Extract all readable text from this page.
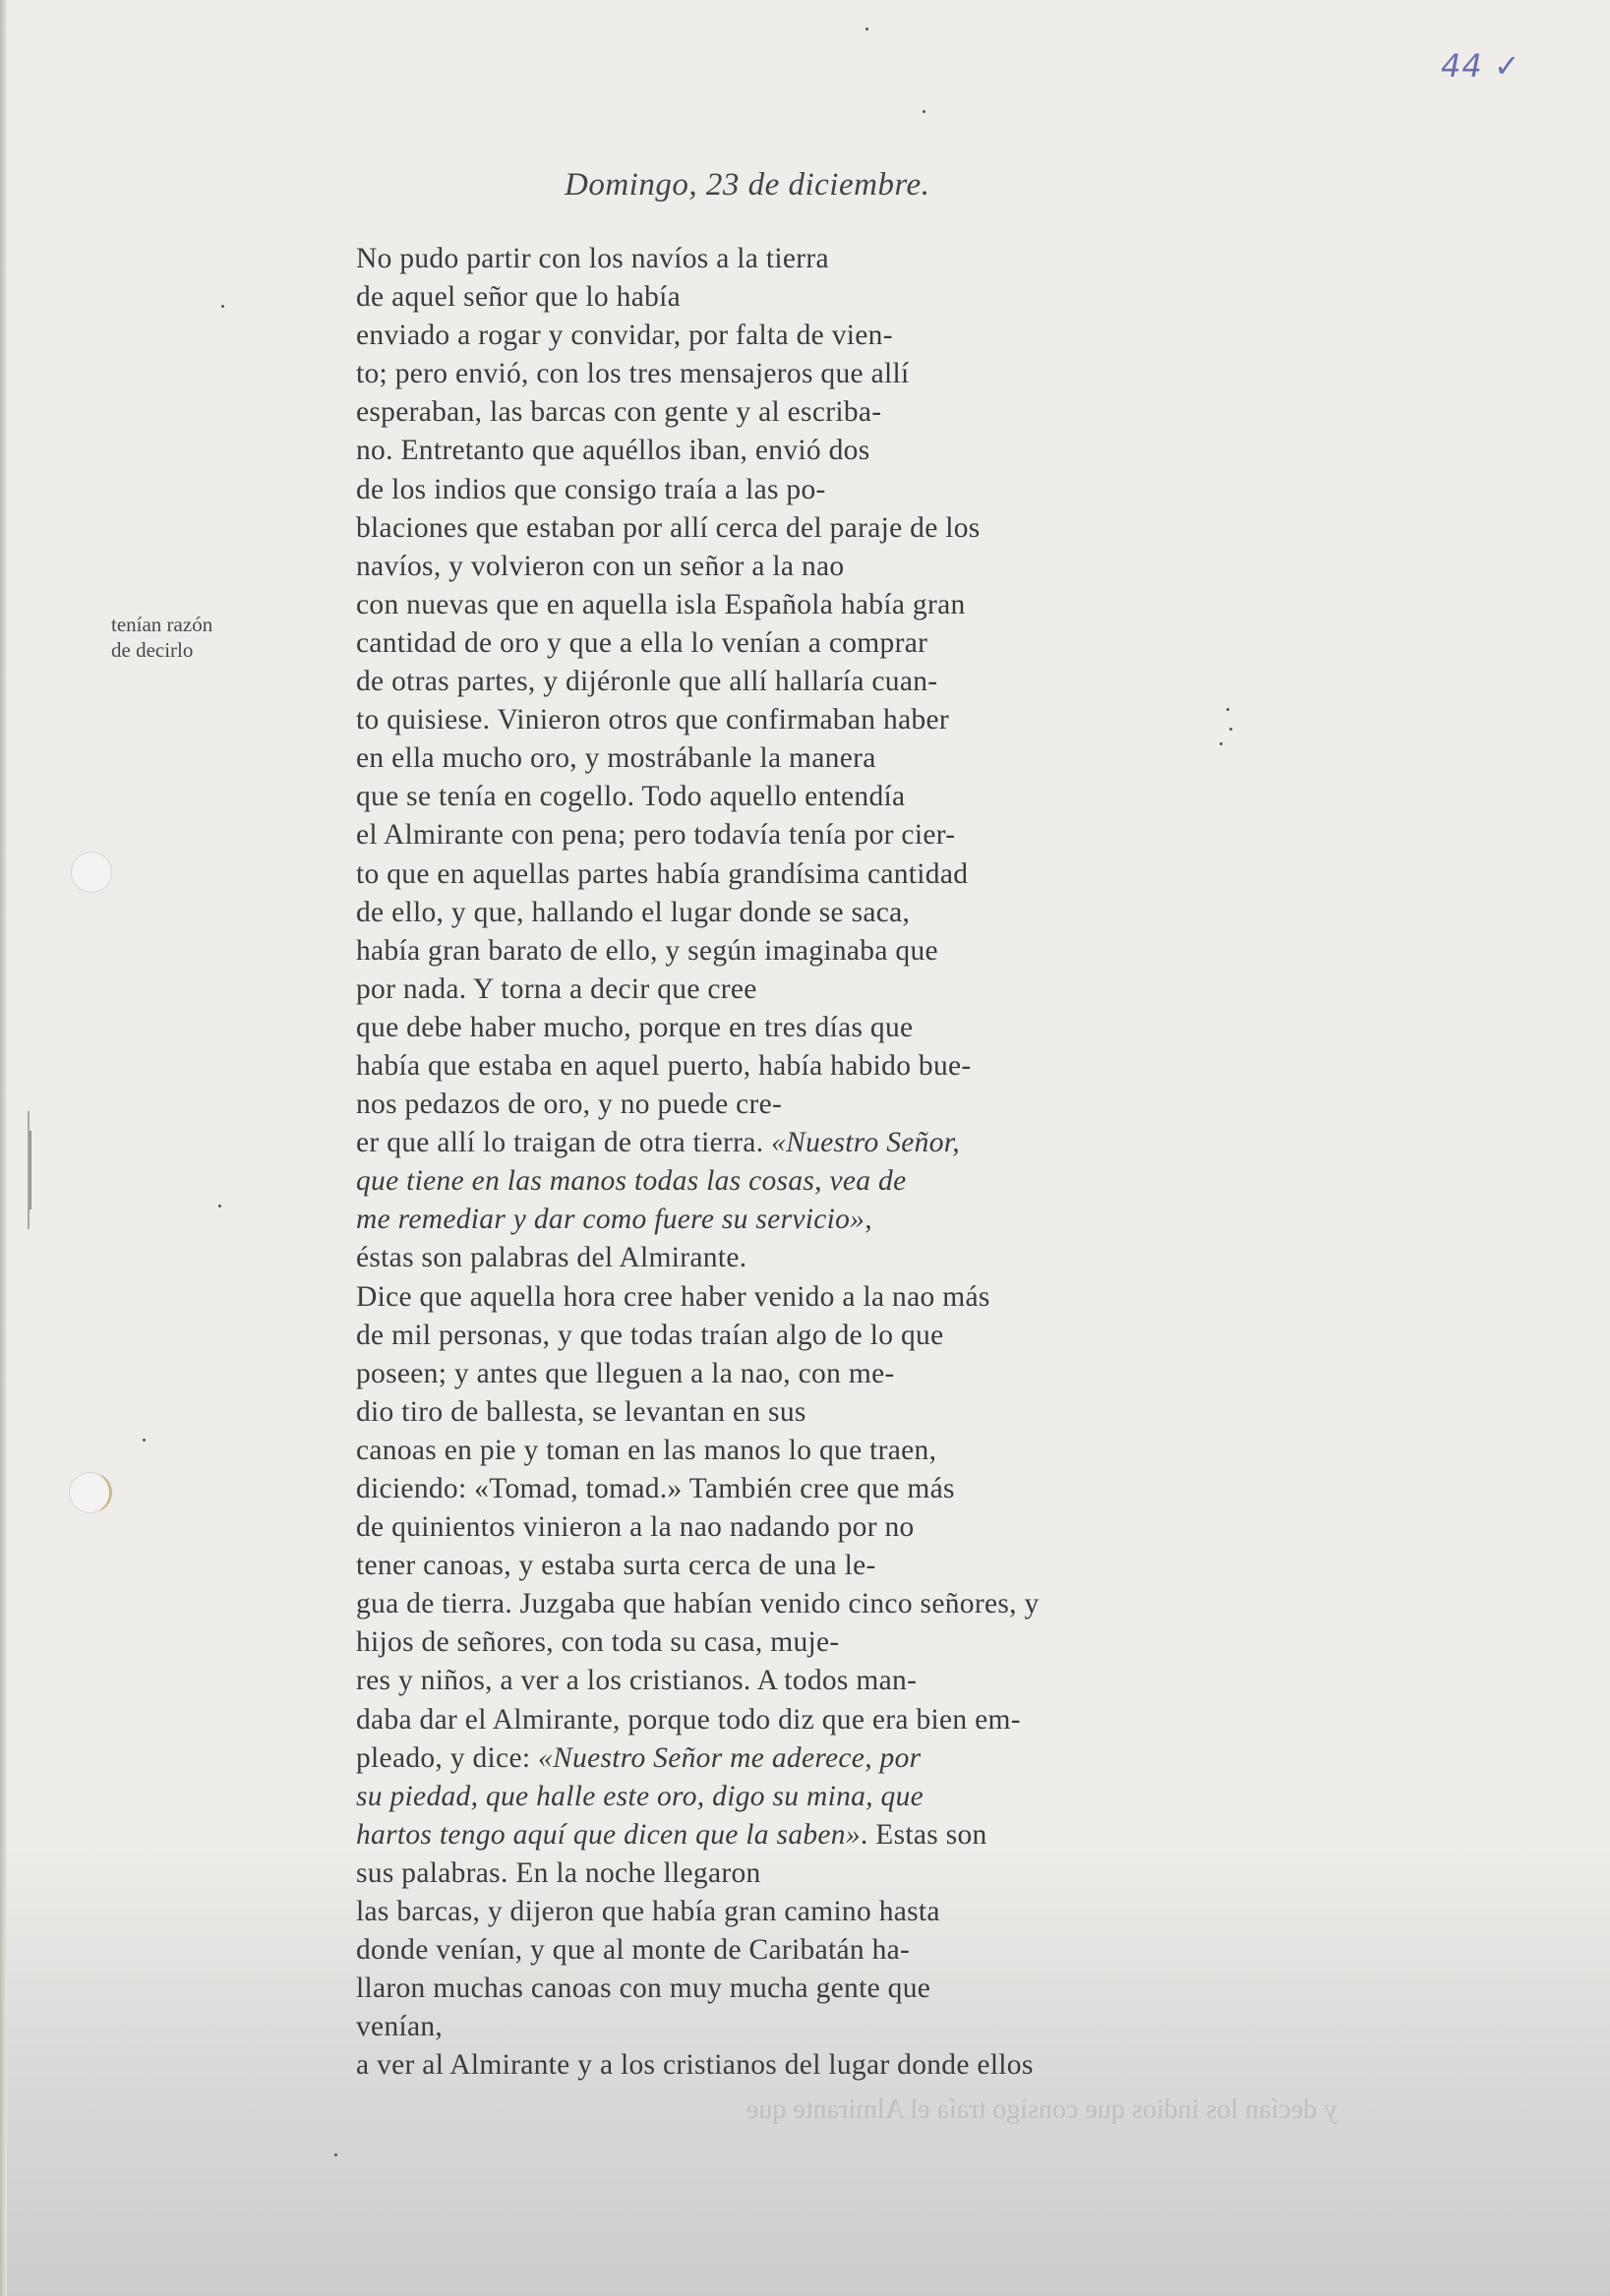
44 ✓
Domingo, 23 de diciembre.
tenían razón
de decirlo
y decían los indios que consigo traía el Almirante que
No pudo partir con los navíos a la tierra
de aquel señor que lo había
enviado a rogar y convidar, por falta de vien-
to; pero envió, con los tres mensajeros que allí
esperaban, las barcas con gente y al escriba-
no. Entretanto que aquéllos iban, envió dos
de los indios que consigo traía a las po-
blaciones que estaban por allí cerca del paraje de los
navíos, y volvieron con un señor a la nao
con nuevas que en aquella isla Española había gran
cantidad de oro y que a ella lo venían a comprar
de otras partes, y dijéronle que allí hallaría cuan-
to quisiese. Vinieron otros que confirmaban haber
en ella mucho oro, y mostrábanle la manera
que se tenía en cogello. Todo aquello entendía
el Almirante con pena; pero todavía tenía por cier-
to que en aquellas partes había grandísima cantidad
de ello, y que, hallando el lugar donde se saca,
había gran barato de ello, y según imaginaba que
por nada. Y torna a decir que cree
que debe haber mucho, porque en tres días que
había que estaba en aquel puerto, había habido bue-
nos pedazos de oro, y no puede cre-
er que allí lo traigan de otra tierra. «Nuestro Señor,
que tiene en las manos todas las cosas, vea de
me remediar y dar como fuere su servicio»,
éstas son palabras del Almirante.
Dice que aquella hora cree haber venido a la nao más
de mil personas, y que todas traían algo de lo que
poseen; y antes que lleguen a la nao, con me-
dio tiro de ballesta, se levantan en sus
canoas en pie y toman en las manos lo que traen,
diciendo: «Tomad, tomad.» También cree que más
de quinientos vinieron a la nao nadando por no
tener canoas, y estaba surta cerca de una le-
gua de tierra. Juzgaba que habían venido cinco señores, y
hijos de señores, con toda su casa, muje-
res y niños, a ver a los cristianos. A todos man-
daba dar el Almirante, porque todo diz que era bien em-
pleado, y dice: «Nuestro Señor me aderece, por
su piedad, que halle este oro, digo su mina, que
hartos tengo aquí que dicen que la saben». Estas son
sus palabras. En la noche llegaron
las barcas, y dijeron que había gran camino hasta
donde venían, y que al monte de Caribatán ha-
llaron muchas canoas con muy mucha gente que
venían,
a ver al Almirante y a los cristianos del lugar donde ellos
